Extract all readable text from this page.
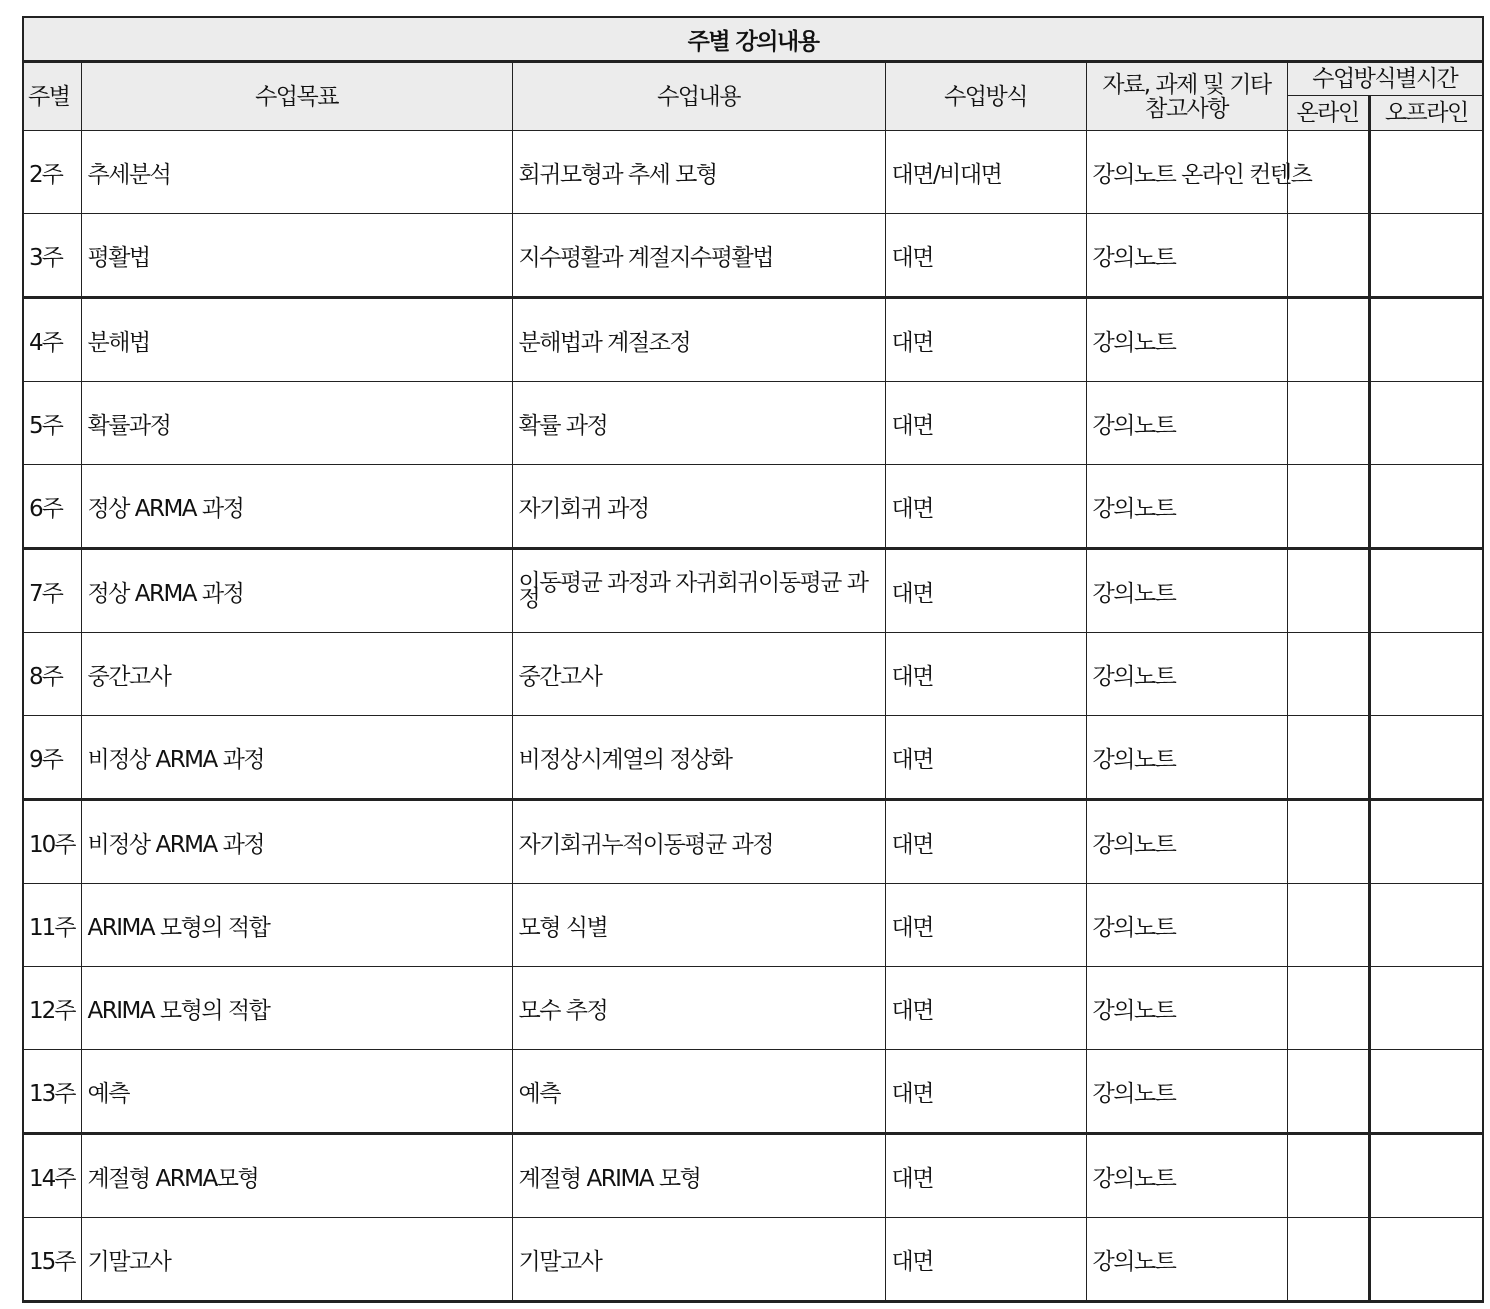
주별 강의내용						
주별	수업목표	수업내용	수업방식	자료, 과제 및 기타 참고사항	수업방식별시간	
					온라인	오프라인
2주	추세분석	회귀모형과 추세 모형	대면/비대면	강의노트 온라인 컨텐츠		
3주	평활법	지수평활과 계절지수평활법	대면	강의노트		
4주	분해법	분해법과 계절조정	대면	강의노트		
5주	확률과정	확률 과정	대면	강의노트		
6주	정상 ARMA 과정	자기회귀 과정	대면	강의노트		
7주	정상 ARMA 과정	이동평균 과정과 자귀회귀이동평균 과정	대면	강의노트		
8주	중간고사	중간고사	대면	강의노트		
9주	비정상 ARMA 과정	비정상시계열의 정상화	대면	강의노트		
10주	비정상 ARMA 과정	자기회귀누적이동평균 과정	대면	강의노트		
11주	ARIMA 모형의 적합	모형 식별	대면	강의노트		
12주	ARIMA 모형의 적합	모수 추정	대면	강의노트		
13주	예측	예측	대면	강의노트		
14주	계절형 ARMA모형	계절형 ARIMA 모형	대면	강의노트		
15주	기말고사	기말고사	대면	강의노트		
